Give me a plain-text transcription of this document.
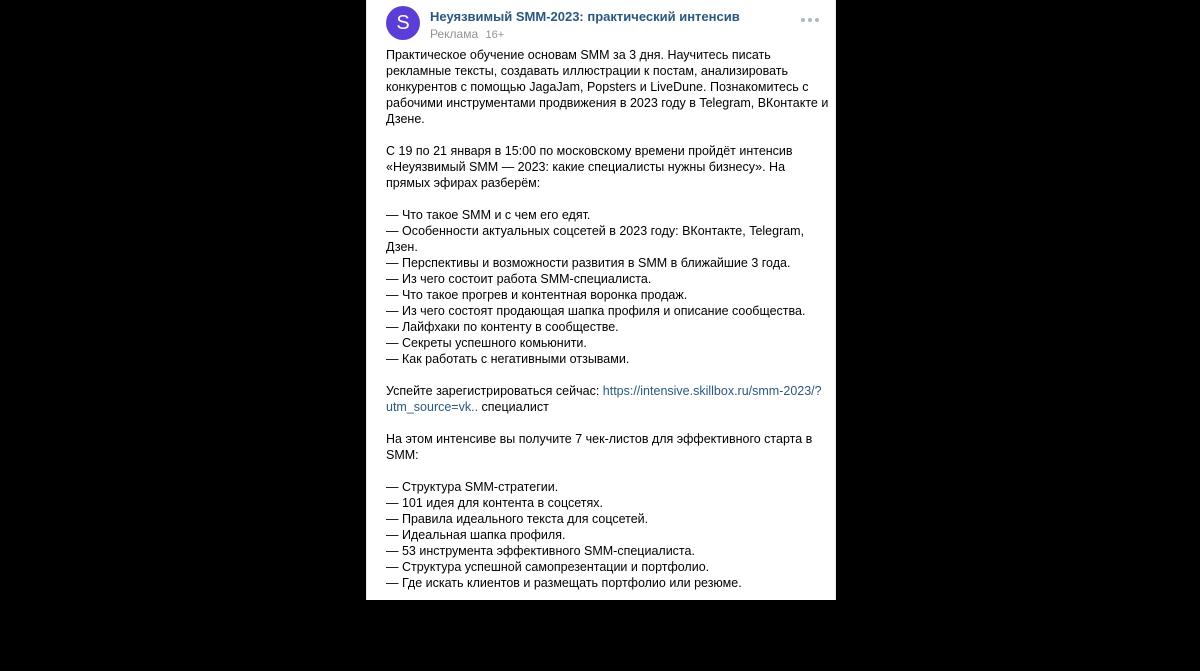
S	Неуязвимый SMM-2023: практический интенсив
Реклама 16+

Практическое обучение основам SMM за 3 дня. Научитесь писать рекламные тексты, создавать иллюстрации к постам, анализировать конкурентов с помощью JagaJam, Popsters и LiveDune. Познакомитесь с рабочими инструментами продвижения в 2023 году в Telegram, ВКонтакте и Дзене.

С 19 по 21 января в 15:00 по московскому времени пройдёт интенсив «Неуязвимый SMM — 2023: какие специалисты нужны бизнесу». На прямых эфирах разберём:

— Что такое SMM и с чем его едят.
— Особенности актуальных соцсетей в 2023 году: ВКонтакте, Telegram, Дзен.
— Перспективы и возможности развития в SMM в ближайшие 3 года.
— Из чего состоит работа SMM-специалиста.
— Что такое прогрев и контентная воронка продаж.
— Из чего состоят продающая шапка профиля и описание сообщества.
— Лайфхаки по контенту в сообществе.
— Секреты успешного комьюнити.
— Как работать с негативными отзывами.

Успейте зарегистрироваться сейчас: https://intensive.skillbox.ru/smm-2023/?utm_source=vk.. специалист

На этом интенсиве вы получите 7 чек-листов для эффективного старта в SMM:

— Структура SMM-стратегии.
— 101 идея для контента в соцсетях.
— Правила идеального текста для соцсетей.
— Идеальная шапка профиля.
— 53 инструмента эффективного SMM-специалиста.
— Структура успешной самопрезентации и портфолио.
— Где искать клиентов и размещать портфолио или резюме.

Накопленным опытом с вами поделится Оксана Балашова — сертифицированный коуч ICF, ментор с 14-летним опытом в маркетинге. Оксана создала с нуля 2
